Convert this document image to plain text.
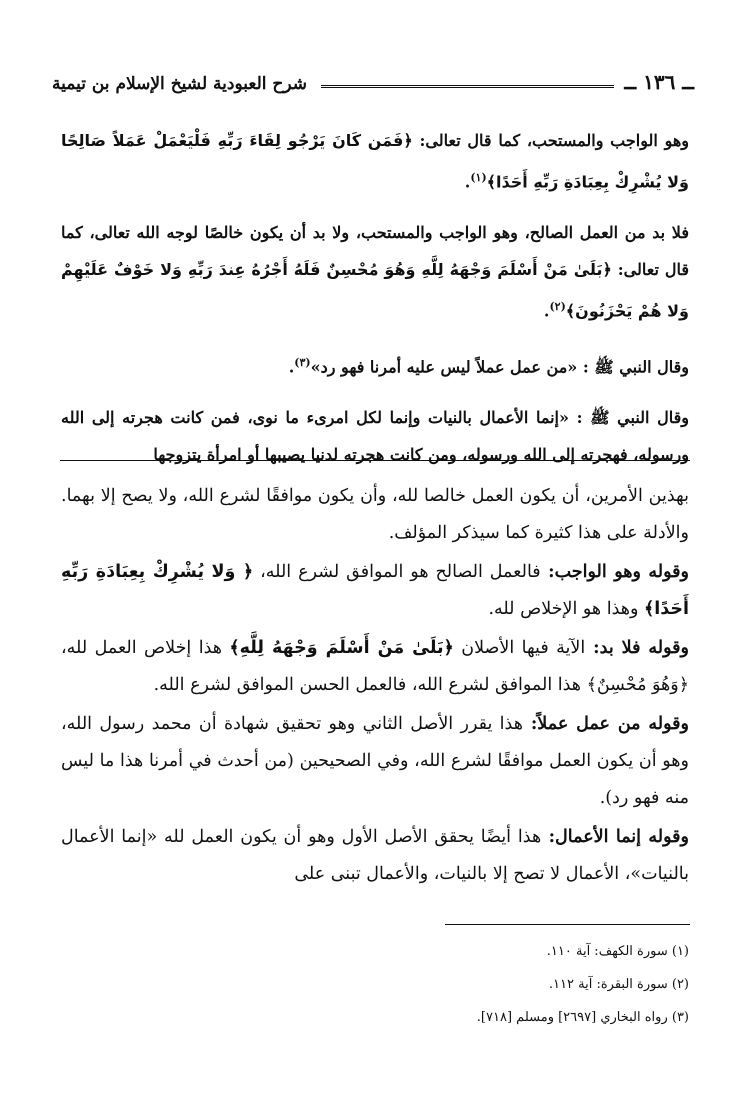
ــ ١٣٦ ــ
شرح العبودية لشيخ الإسلام بن تيمية

وهو الواجب والمستحب، كما قال تعالى: ﴿فَمَن كَانَ يَرْجُو لِقَاءَ رَبِّهِ فَلْيَعْمَلْ عَمَلاً صَالِحًا وَلا يُشْرِكْ بِعِبَادَةِ رَبِّهِ أَحَدًا﴾$^{(١)}$.

فلا بد من العمل الصالح، وهو الواجب والمستحب، ولا بد أن يكون خالصًا لوجه الله تعالى، كما قال تعالى: ﴿بَلَىٰ مَنْ أَسْلَمَ وَجْهَهُ لِلَّهِ وَهُوَ مُحْسِنٌ فَلَهُ أَجْرُهُ عِندَ رَبِّهِ وَلا خَوْفٌ عَلَيْهِمْ وَلا هُمْ يَحْزَنُونَ﴾$^{(٢)}$.

وقال النبي ﷺ : «من عمل عملاً ليس عليه أمرنا فهو رد»$^{(٣)}$.

وقال النبي ﷺ : «إنما الأعمال بالنيات وإنما لكل امرىء ما نوى، فمن كانت هجرته إلى الله ورسوله، فهجرته إلى الله ورسوله، ومن كانت هجرته لدنيا يصيبها أو امرأة يتزوجها

بهذين الأمرين، أن يكون العمل خالصا لله، وأن يكون موافقًا لشرع الله، ولا يصح إلا بهما. والأدلة على هذا كثيرة كما سيذكر المؤلف.

وقوله وهو الواجب: فالعمل الصالح هو الموافق لشرع الله، ﴿ وَلا يُشْرِكْ بِعِبَادَةِ رَبِّهِ أَحَدًا﴾ وهذا هو الإخلاص لله.

وقوله فلا بد: الآية فيها الأصلان ﴿بَلَىٰ مَنْ أَسْلَمَ وَجْهَهُ لِلَّهِ﴾ هذا إخلاص العمل لله، ﴿وَهُوَ مُحْسِنٌ﴾ هذا الموافق لشرع الله، فالعمل الحسن الموافق لشرع الله.

وقوله من عمل عملاً: هذا يقرر الأصل الثاني وهو تحقيق شهادة أن محمد رسول الله، وهو أن يكون العمل موافقًا لشرع الله، وفي الصحيحين (من أحدث في أمرنا هذا ما ليس منه فهو رد).

وقوله إنما الأعمال: هذا أيضًا يحقق الأصل الأول وهو أن يكون العمل لله «إنما الأعمال بالنيات»، الأعمال لا تصح إلا بالنيات، والأعمال تبنى على

(١) سورة الكهف: آية ١١٠.
(٢) سورة البقرة: آية ١١٢.
(٣) رواه البخاري [٢٦٩٧] ومسلم [٧١٨].
